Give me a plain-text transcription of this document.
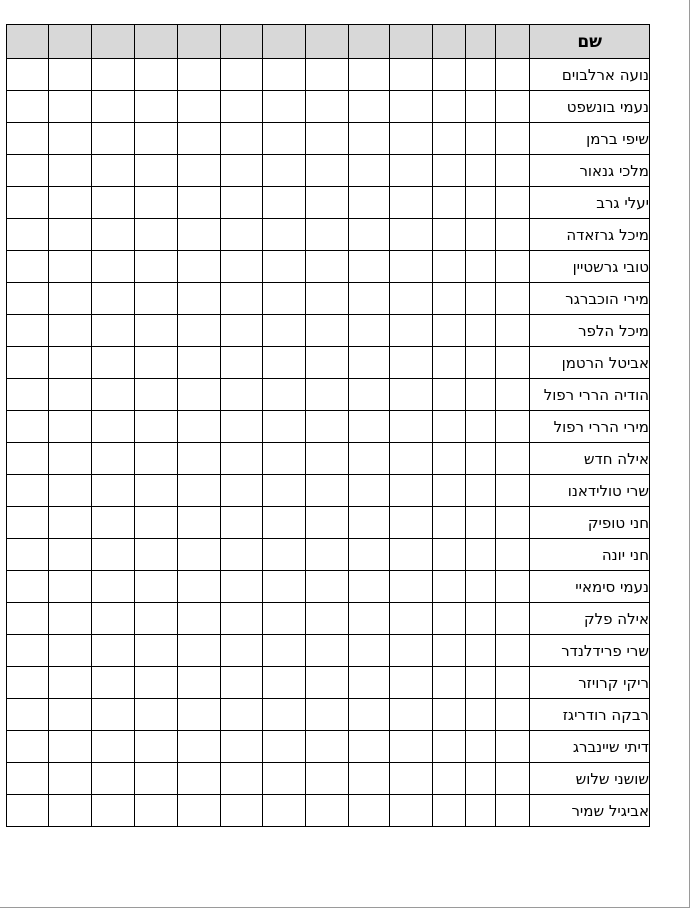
													שם
													נועה ארלבוים
													נעמי בונשפט
													שיפי ברמן
													מלכי גנאור
													יעלי גרב
													מיכל גרזאדה
													טובי גרשטיין
													מירי הוכברגר
													מיכל הלפר
													אביטל הרטמן
													הודיה הררי רפול
													מירי הררי רפול
													אילה חדש
													שרי טולידאנו
													חני טופיק
													חני יונה
													נעמי סימאיי
													אילה פלק
													שרי פרידלנדר
													ריקי קרויזר
													רבקה רודריגז
													דיתי שיינברג
													שושני שלוש
													אביגיל שמיר
